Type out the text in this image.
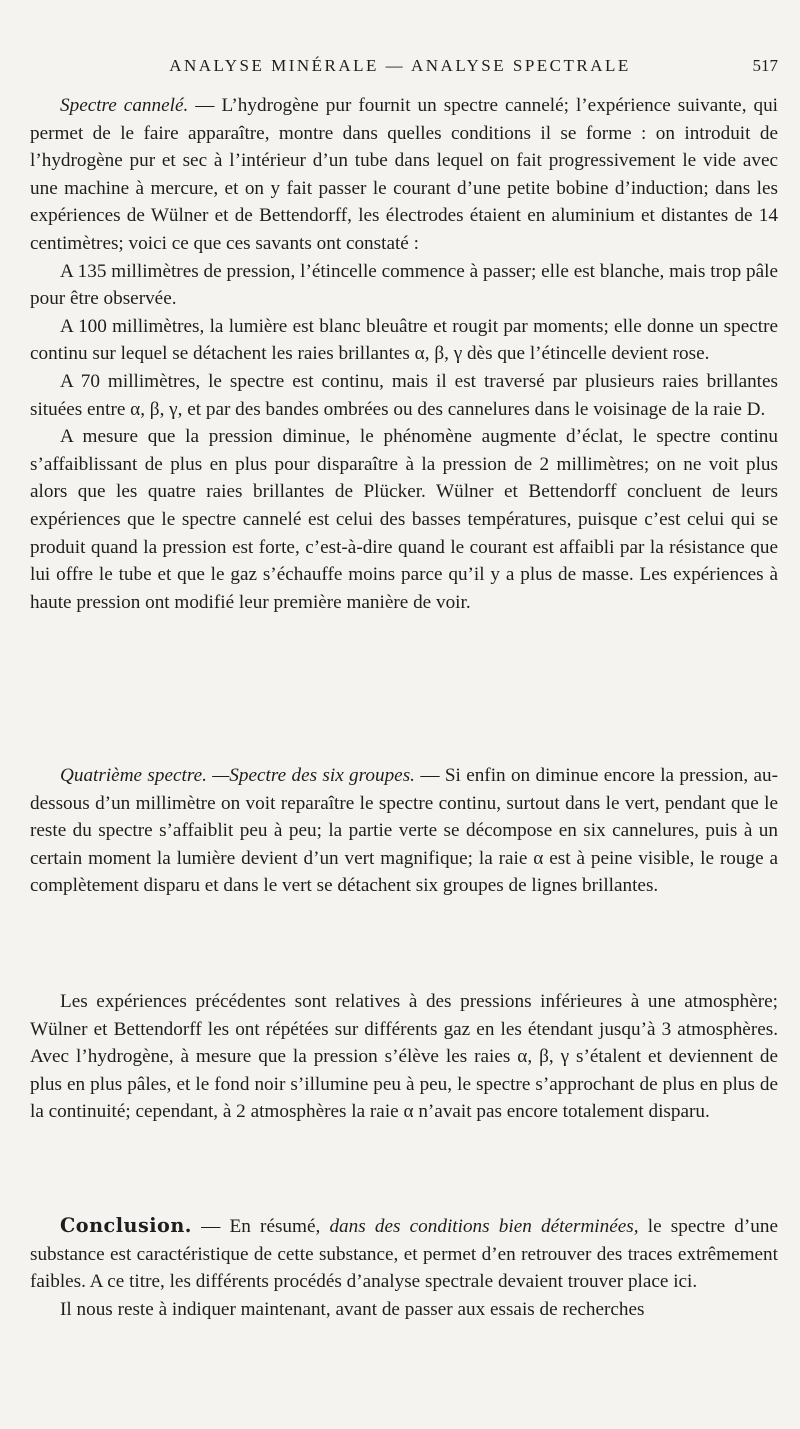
ANALYSE MINÉRALE — ANALYSE SPECTRALE	517

Spectre cannelé. — L’hydrogène pur fournit un spectre cannelé; l’expérience suivante, qui permet de le faire apparaître, montre dans quelles conditions il se forme : on introduit de l’hydrogène pur et sec à l’intérieur d’un tube dans lequel on fait progressivement le vide avec une machine à mercure, et on y fait passer le courant d’une petite bobine d’induction; dans les expériences de Wülner et de Bettendorff, les électrodes étaient en aluminium et distantes de 14 centimètres; voici ce que ces savants ont constaté :

A 135 millimètres de pression, l’étincelle commence à passer; elle est blanche, mais trop pâle pour être observée.

A 100 millimètres, la lumière est blanc bleuâtre et rougit par moments; elle donne un spectre continu sur lequel se détachent les raies brillantes α, β, γ dès que l’étincelle devient rose.

A 70 millimètres, le spectre est continu, mais il est traversé par plusieurs raies brillantes situées entre α, β, γ, et par des bandes ombrées ou des cannelures dans le voisinage de la raie D.

A mesure que la pression diminue, le phénomène augmente d’éclat, le spectre continu s’affaiblissant de plus en plus pour disparaître à la pression de 2 millimètres; on ne voit plus alors que les quatre raies brillantes de Plücker. Wülner et Bettendorff concluent de leurs expériences que le spectre cannelé est celui des basses températures, puisque c’est celui qui se produit quand la pression est forte, c’est-à-dire quand le courant est affaibli par la résistance que lui offre le tube et que le gaz s’échauffe moins parce qu’il y a plus de masse. Les expériences à haute pression ont modifié leur première manière de voir.

Quatrième spectre. —Spectre des six groupes. — Si enfin on diminue encore la pression, au-dessous d’un millimètre on voit reparaître le spectre continu, surtout dans le vert, pendant que le reste du spectre s’affaiblit peu à peu; la partie verte se décompose en six cannelures, puis à un certain moment la lumière devient d’un vert magnifique; la raie α est à peine visible, le rouge a complètement disparu et dans le vert se détachent six groupes de lignes brillantes.

Les expériences précédentes sont relatives à des pressions inférieures à une atmosphère; Wülner et Bettendorff les ont répétées sur différents gaz en les étendant jusqu’à 3 atmosphères. Avec l’hydrogène, à mesure que la pression s’élève les raies α, β, γ s’étalent et deviennent de plus en plus pâles, et le fond noir s’illumine peu à peu, le spectre s’approchant de plus en plus de la continuité; cependant, à 2 atmosphères la raie α n’avait pas encore totalement disparu.

Conclusion. — En résumé, dans des conditions bien déterminées, le spectre d’une substance est caractéristique de cette substance, et permet d’en retrouver des traces extrêmement faibles. A ce titre, les différents procédés d’analyse spectrale devaient trouver place ici.

Il nous reste à indiquer maintenant, avant de passer aux essais de recherches
